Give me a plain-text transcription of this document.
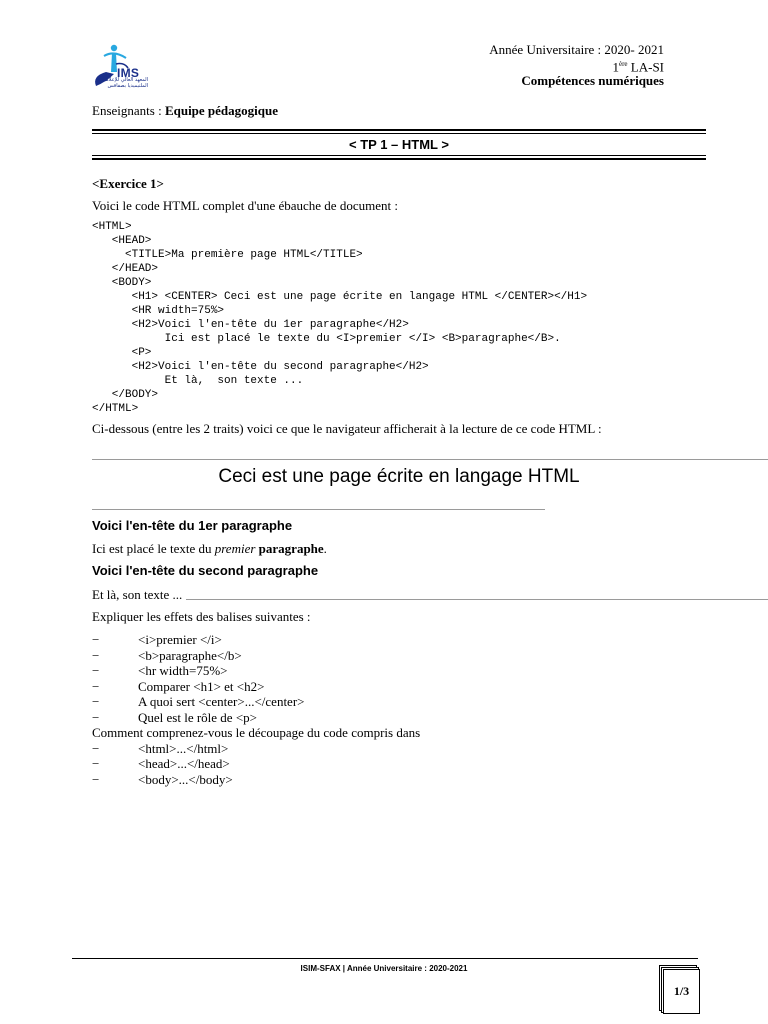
IMS
المعهد العالي للإعلامية و الملتيميديا بصفاقس
Année Universitaire : 2020- 2021
1ère LA-SI
Compétences numériques
Enseignants : Equipe pédagogique
< TP 1 – HTML >
<Exercice 1>
Voici le code HTML complet d'une ébauche de document :
<HTML>
<HEAD>
<TITLE>Ma première page HTML</TITLE>
</HEAD>
<BODY>
<H1> <CENTER> Ceci est une page écrite en langage HTML </CENTER></H1>
<HR width=75%>
<H2>Voici l'en-tête du 1er paragraphe</H2>
Ici est placé le texte du <I>premier </I> <B>paragraphe</B>.
<P>
<H2>Voici l'en-tête du second paragraphe</H2>
Et là,  son texte ...
</BODY>
</HTML>
Ci-dessous (entre les 2 traits) voici ce que le navigateur afficherait à la lecture de ce code HTML :
Ceci est une page écrite en langage HTML
Voici l'en-tête du 1er paragraphe
Ici est placé le texte du premier paragraphe.
Voici l'en-tête du second paragraphe
Et là, son texte ...
Expliquer les effets des balises suivantes :
−	<i>premier </i>
−	<b>paragraphe</b>
−	<hr width=75%>
−	Comparer <h1> et <h2>
−	A quoi sert <center>...</center>
−	Quel est le rôle de <p>
Comment comprenez-vous le découpage du code compris dans
−	<html>...</html>
−	<head>...</head>
−	<body>...</body>
ISIM-SFAX | Année Universitaire : 2020-2021
1/3
